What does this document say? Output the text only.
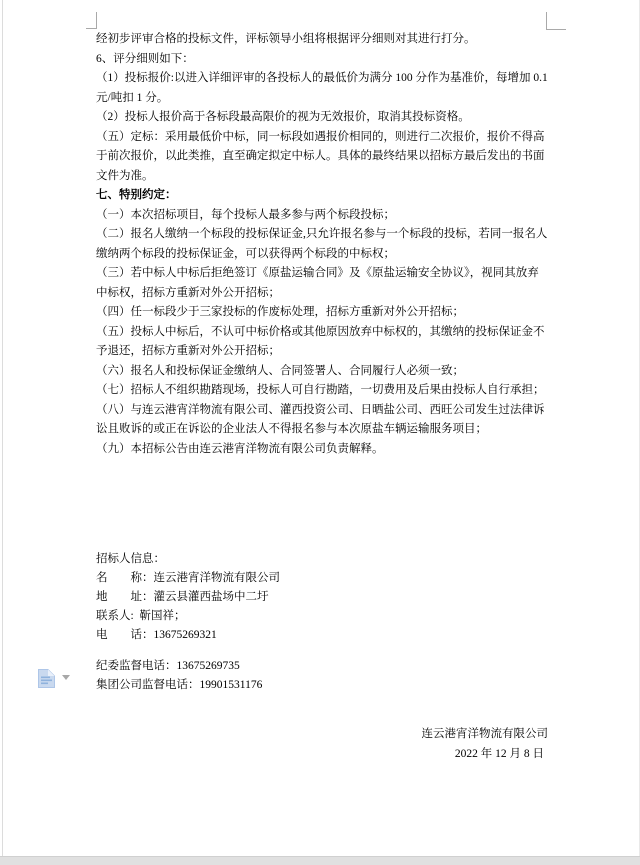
经初步评审合格的投标文件，评标领导小组将根据评分细则对其进行打分。

6、评分细则如下：

（1）投标报价:以进入详细评审的各投标人的最低价为满分 100 分作为基准价，每增加 0.1 元/吨扣 1 分。

（2）投标人报价高于各标段最高限价的视为无效报价，取消其投标资格。

（五）定标：采用最低价中标，同一标段如遇报价相同的，则进行二次报价，报价不得高于前次报价，以此类推，直至确定拟定中标人。具体的最终结果以招标方最后发出的书面文件为准。

七、特别约定：

（一）本次招标项目，每个投标人最多参与两个标段投标；

（二）报名人缴纳一个标段的投标保证金,只允许报名参与一个标段的投标，若同一报名人缴纳两个标段的投标保证金，可以获得两个标段的中标权；

（三）若中标人中标后拒绝签订《原盐运输合同》及《原盐运输安全协议》，视同其放弃中标权，招标方重新对外公开招标；

（四）任一标段少于三家投标的作废标处理，招标方重新对外公开招标；

（五）投标人中标后，不认可中标价格或其他原因放弃中标权的，其缴纳的投标保证金不予退还，招标方重新对外公开招标；

（六）报名人和投标保证金缴纳人、合同签署人、合同履行人必须一致；

（七）招标人不组织勘踏现场，投标人可自行勘踏，一切费用及后果由投标人自行承担；

（八）与连云港宵洋物流有限公司、灌西投资公司、日晒盐公司、西旺公司发生过法律诉讼且败诉的或正在诉讼的企业法人不得报名参与本次原盐车辆运输服务项目；

（九）本招标公告由连云港宵洋物流有限公司负责解释。

招标人信息：

名　　称：连云港宵洋物流有限公司

地　　址：灌云县灌西盐场中二圩

联系人:  靳国祥；

电　　话：13675269321

纪委监督电话：13675269735

集团公司监督电话：19901531176

连云港宵洋物流有限公司

2022 年 12 月 8 日
